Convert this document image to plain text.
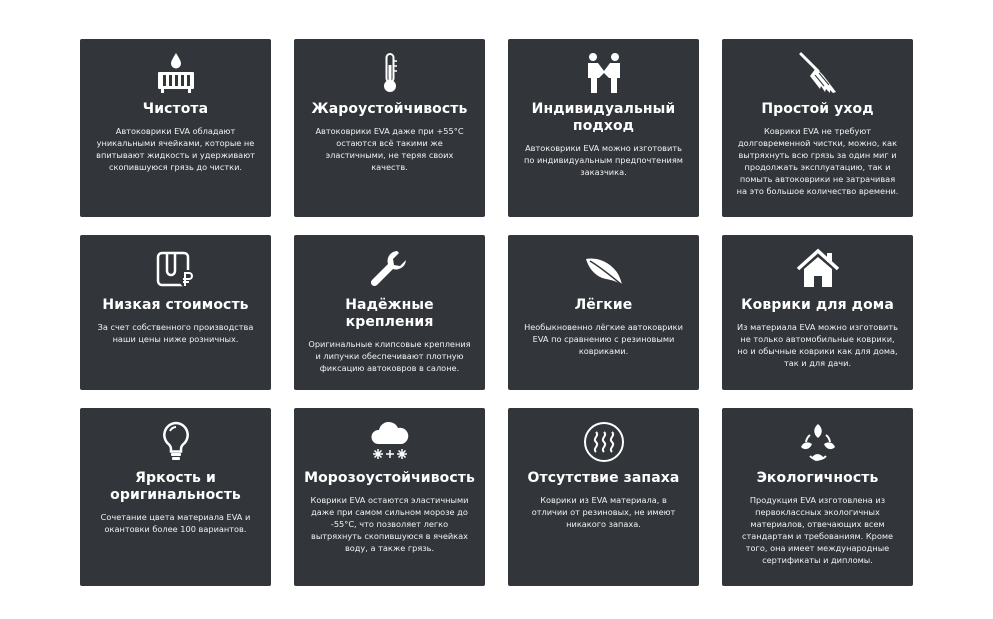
Чистота
Автоковрики EVA обладают уникальными ячейками, которые не впитывают жидкость и удерживают скопившуюся грязь до чистки.
Жароустойчивость
Автоковрики EVA даже при +55°C остаются всё такими же эластичными, не теряя своих качеств.
Индивидуальный подход
Автоковрики EVA можно изготовить по индивидуальным предпочтениям заказчика.
Простой уход
Коврики EVA не требуют долговременной чистки, можно, как вытряхнуть всю грязь за один миг и продолжать эксплуатацию, так и помыть автоковрики не затрачивая на это большое количество времени.
Низкая стоимость
За счет собственного производства наши цены ниже розничных.
Надёжные крепления
Оригинальные клипсовые крепления и липучки обеспечивают плотную фиксацию автоковров в салоне.
Лёгкие
Необыкновенно лёгкие автоковрики EVA по сравнению с резиновыми ковриками.
Коврики для дома
Из материала EVA можно изготовить не только автомобильные коврики, но и обычные коврики как для дома, так и для дачи.
Яркость и оригинальность
Сочетание цвета материала EVA и окантовки более 100 вариантов.
Морозоустойчивость
Коврики EVA остаются эластичными даже при самом сильном морозе до -55°C, что позволяет легко вытряхнуть скопившуюся в ячейках воду, а также грязь.
Отсутствие запаха
Коврики из EVA материала, в отличии от резиновых, не имеют никакого запаха.
Экологичность
Продукция EVA изготовлена из первоклассных экологичных материалов, отвечающих всем стандартам и требованиям. Кроме того, она имеет международные сертификаты и дипломы.
